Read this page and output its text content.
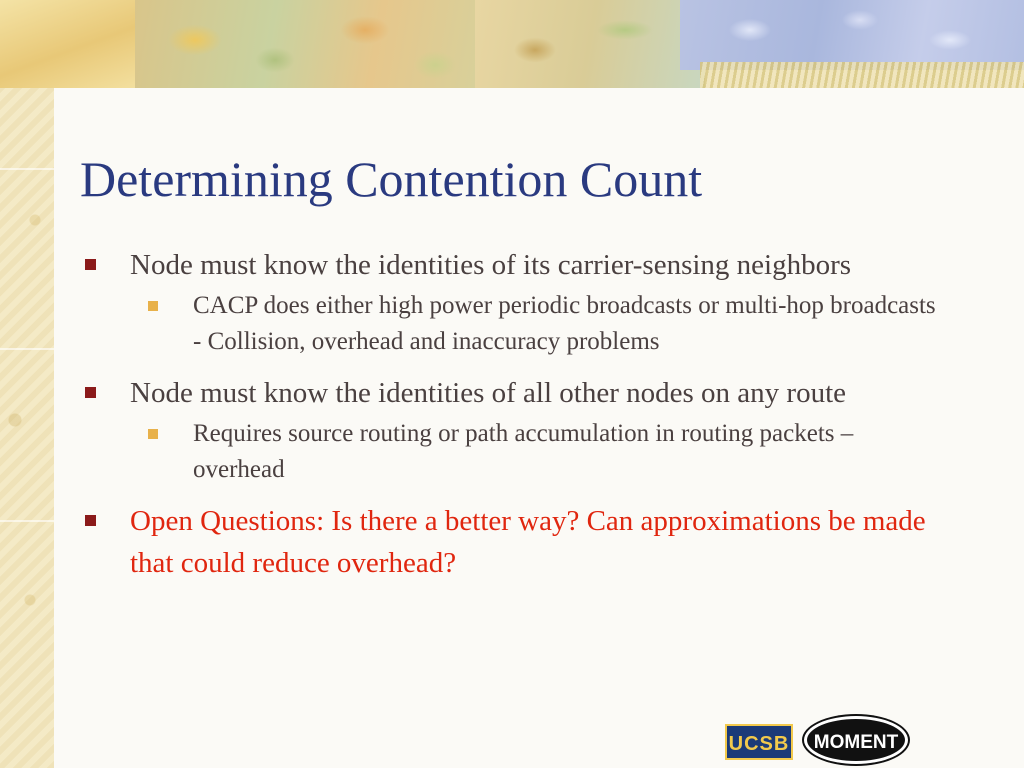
Determining Contention Count
Node must know the identities of its carrier-sensing neighbors
CACP does either high power periodic broadcasts or multi-hop broadcasts - Collision, overhead and inaccuracy problems
Node must know the identities of all other nodes on any route
Requires source routing or path accumulation in routing packets – overhead
Open Questions: Is there a better way? Can approximations be made that could reduce overhead?
UCSB	MOMENT
